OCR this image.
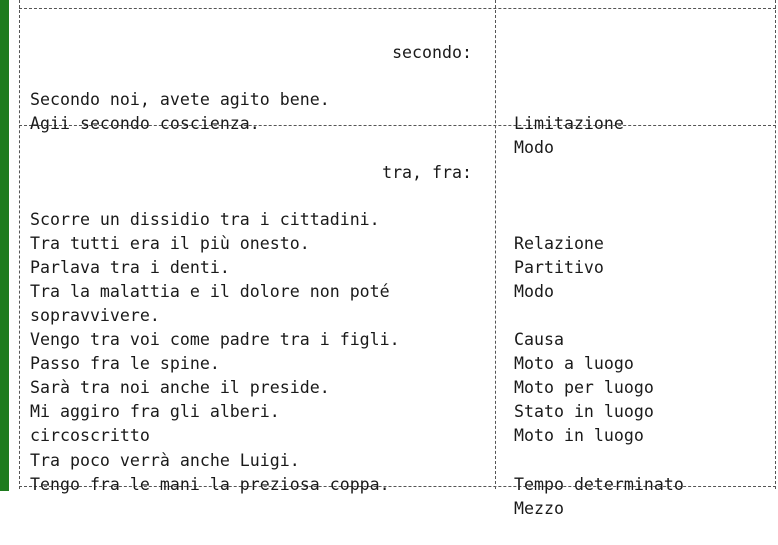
secondo:

Secondo noi, avete agito bene.

Limitazione

Agii secondo coscienza.

Modo

tra, fra:

Scorre un dissidio tra i cittadini.

Relazione

Tra tutti era il più onesto.

Partitivo

Parlava tra i denti.

Modo

Tra la malattia e il dolore non poté

sopravvivere.

Causa

Vengo tra voi come padre tra i figli.

Moto a luogo

Passo fra le spine.

Moto per luogo

Sarà tra noi anche il preside.

Stato in luogo

Mi aggiro fra gli alberi.

Moto in luogo

circoscritto

Tra poco verrà anche Luigi.

Tempo determinato

Tengo fra le mani la preziosa coppa.

Mezzo
